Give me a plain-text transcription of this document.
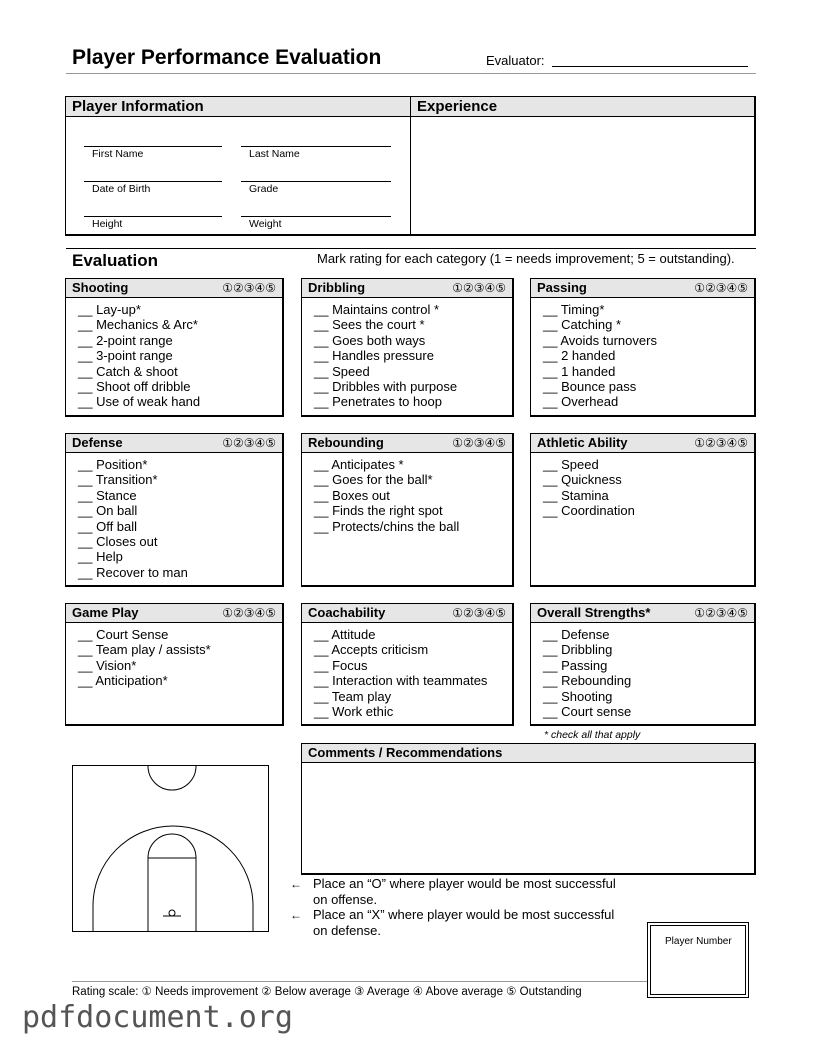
Player Performance Evaluation	Evaluator:
Player Information
First Name	Last Name
Date of Birth	Grade
Height	Weight
Experience
Evaluation	Mark rating for each category (1 = needs improvement; 5 = outstanding).
Shooting	①②③④⑤
__ Lay-up*
__ Mechanics & Arc*
__ 2-point range
__ 3-point range
__ Catch & shoot
__ Shoot off dribble
__ Use of weak hand
Dribbling	①②③④⑤
__ Maintains control *
__ Sees the court *
__ Goes both ways
__ Handles pressure
__ Speed
__ Dribbles with purpose
__ Penetrates to hoop
Passing	①②③④⑤
__ Timing*
__ Catching *
__ Avoids turnovers
__ 2 handed
__ 1 handed
__ Bounce pass
__ Overhead
Defense	①②③④⑤
__ Position*
__ Transition*
__ Stance
__ On ball
__ Off ball
__ Closes out
__ Help
__ Recover to man
Rebounding	①②③④⑤
__ Anticipates *
__ Goes for the ball*
__ Boxes out
__ Finds the right spot
__ Protects/chins the ball
Athletic Ability	①②③④⑤
__ Speed
__ Quickness
__ Stamina
__ Coordination
Game Play	①②③④⑤
__ Court Sense
__ Team play / assists*
__ Vision*
__ Anticipation*
Coachability	①②③④⑤
__ Attitude
__ Accepts criticism
__ Focus
__ Interaction with teammates
__ Team play
__ Work ethic
Overall Strengths*	①②③④⑤
__ Defense
__ Dribbling
__ Passing
__ Rebounding
__ Shooting
__ Court sense
* check all that apply
Comments / Recommendations
← Place an “O” where player would be most successful
on offense.
← Place an “X” where player would be most successful
on defense.
Player Number
Rating scale: ① Needs improvement ② Below average ③ Average ④ Above average ⑤ Outstanding
pdfdocument.org
